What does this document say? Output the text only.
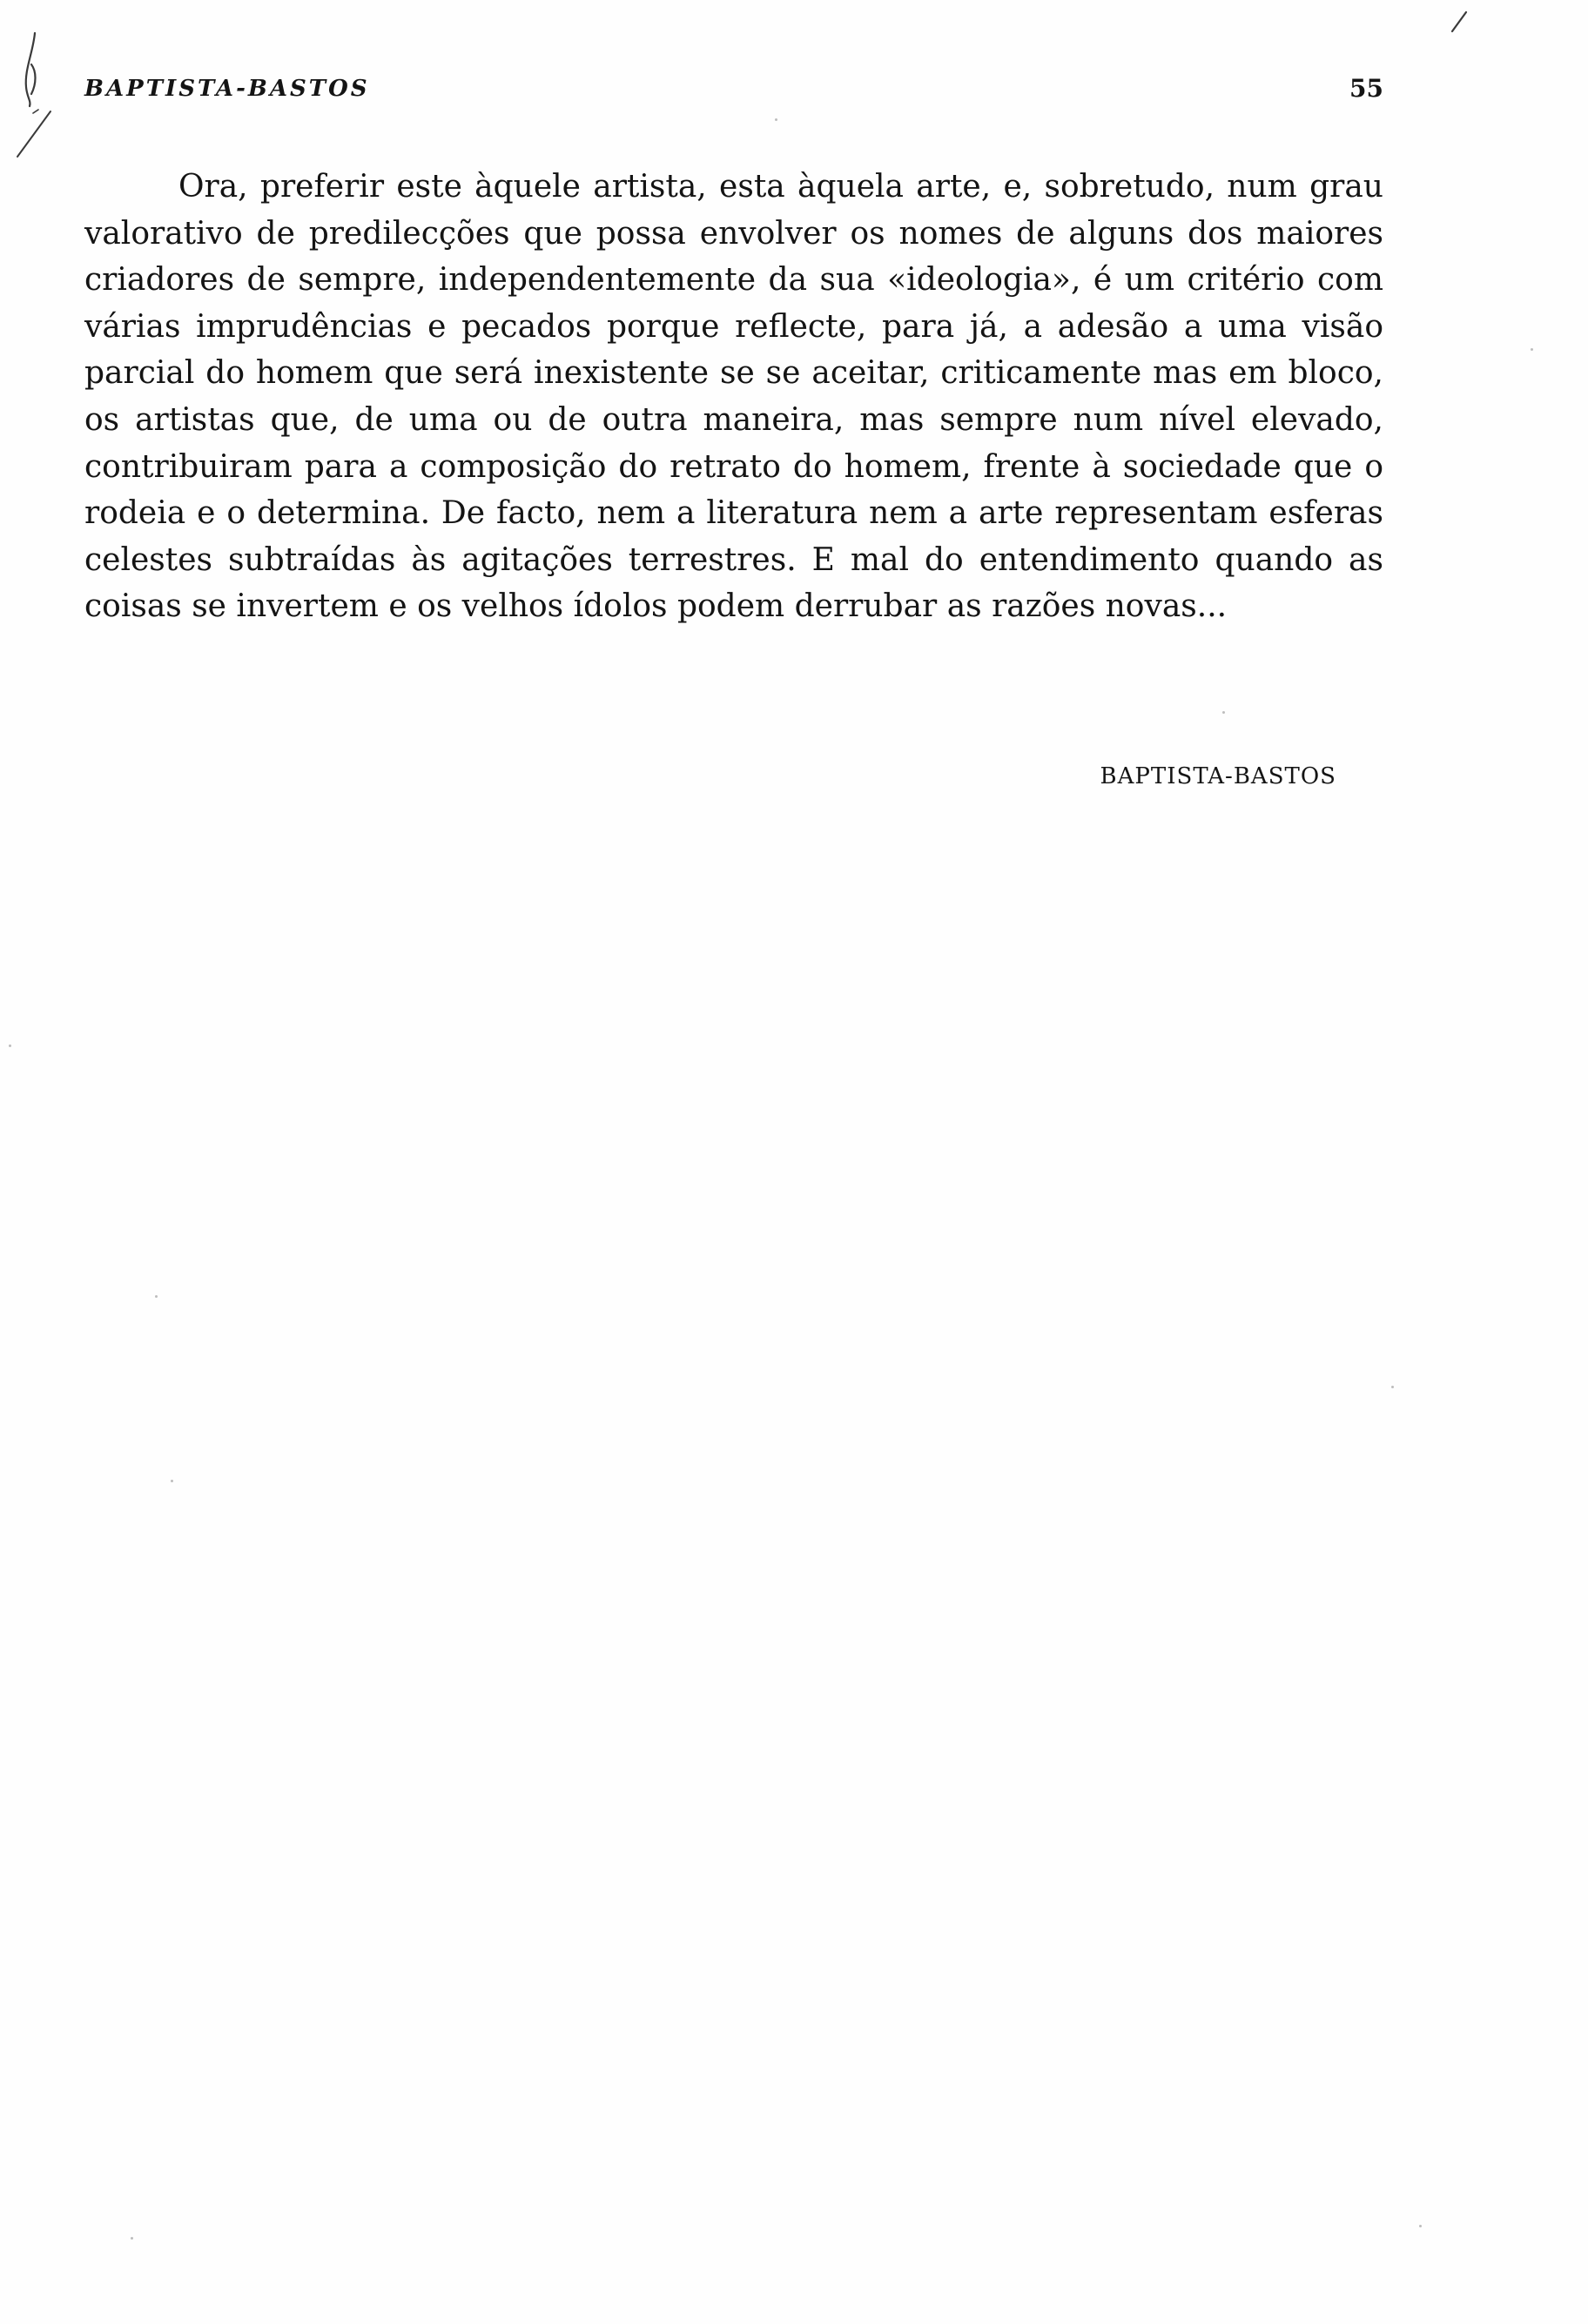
BAPTISTA-BASTOS	55

Ora, preferir este àquele artista, esta àquela arte, e, sobretudo, num grau valorativo de predilecções que possa envolver os nomes de alguns dos maiores criadores de sempre, independentemente da sua «ideologia», é um critério com várias imprudências e pecados porque reflecte, para já, a adesão a uma visão parcial do homem que será inexistente se se aceitar, criticamente mas em bloco, os artistas que, de uma ou de outra maneira, mas sempre num nível elevado, contribuiram para a composição do retrato do homem, frente à sociedade que o rodeia e o determina. De facto, nem a literatura nem a arte representam esferas celestes subtraídas às agitações terrestres. E mal do entendimento quando as coisas se invertem e os velhos ídolos podem derrubar as razões novas...

BAPTISTA-BASTOS
